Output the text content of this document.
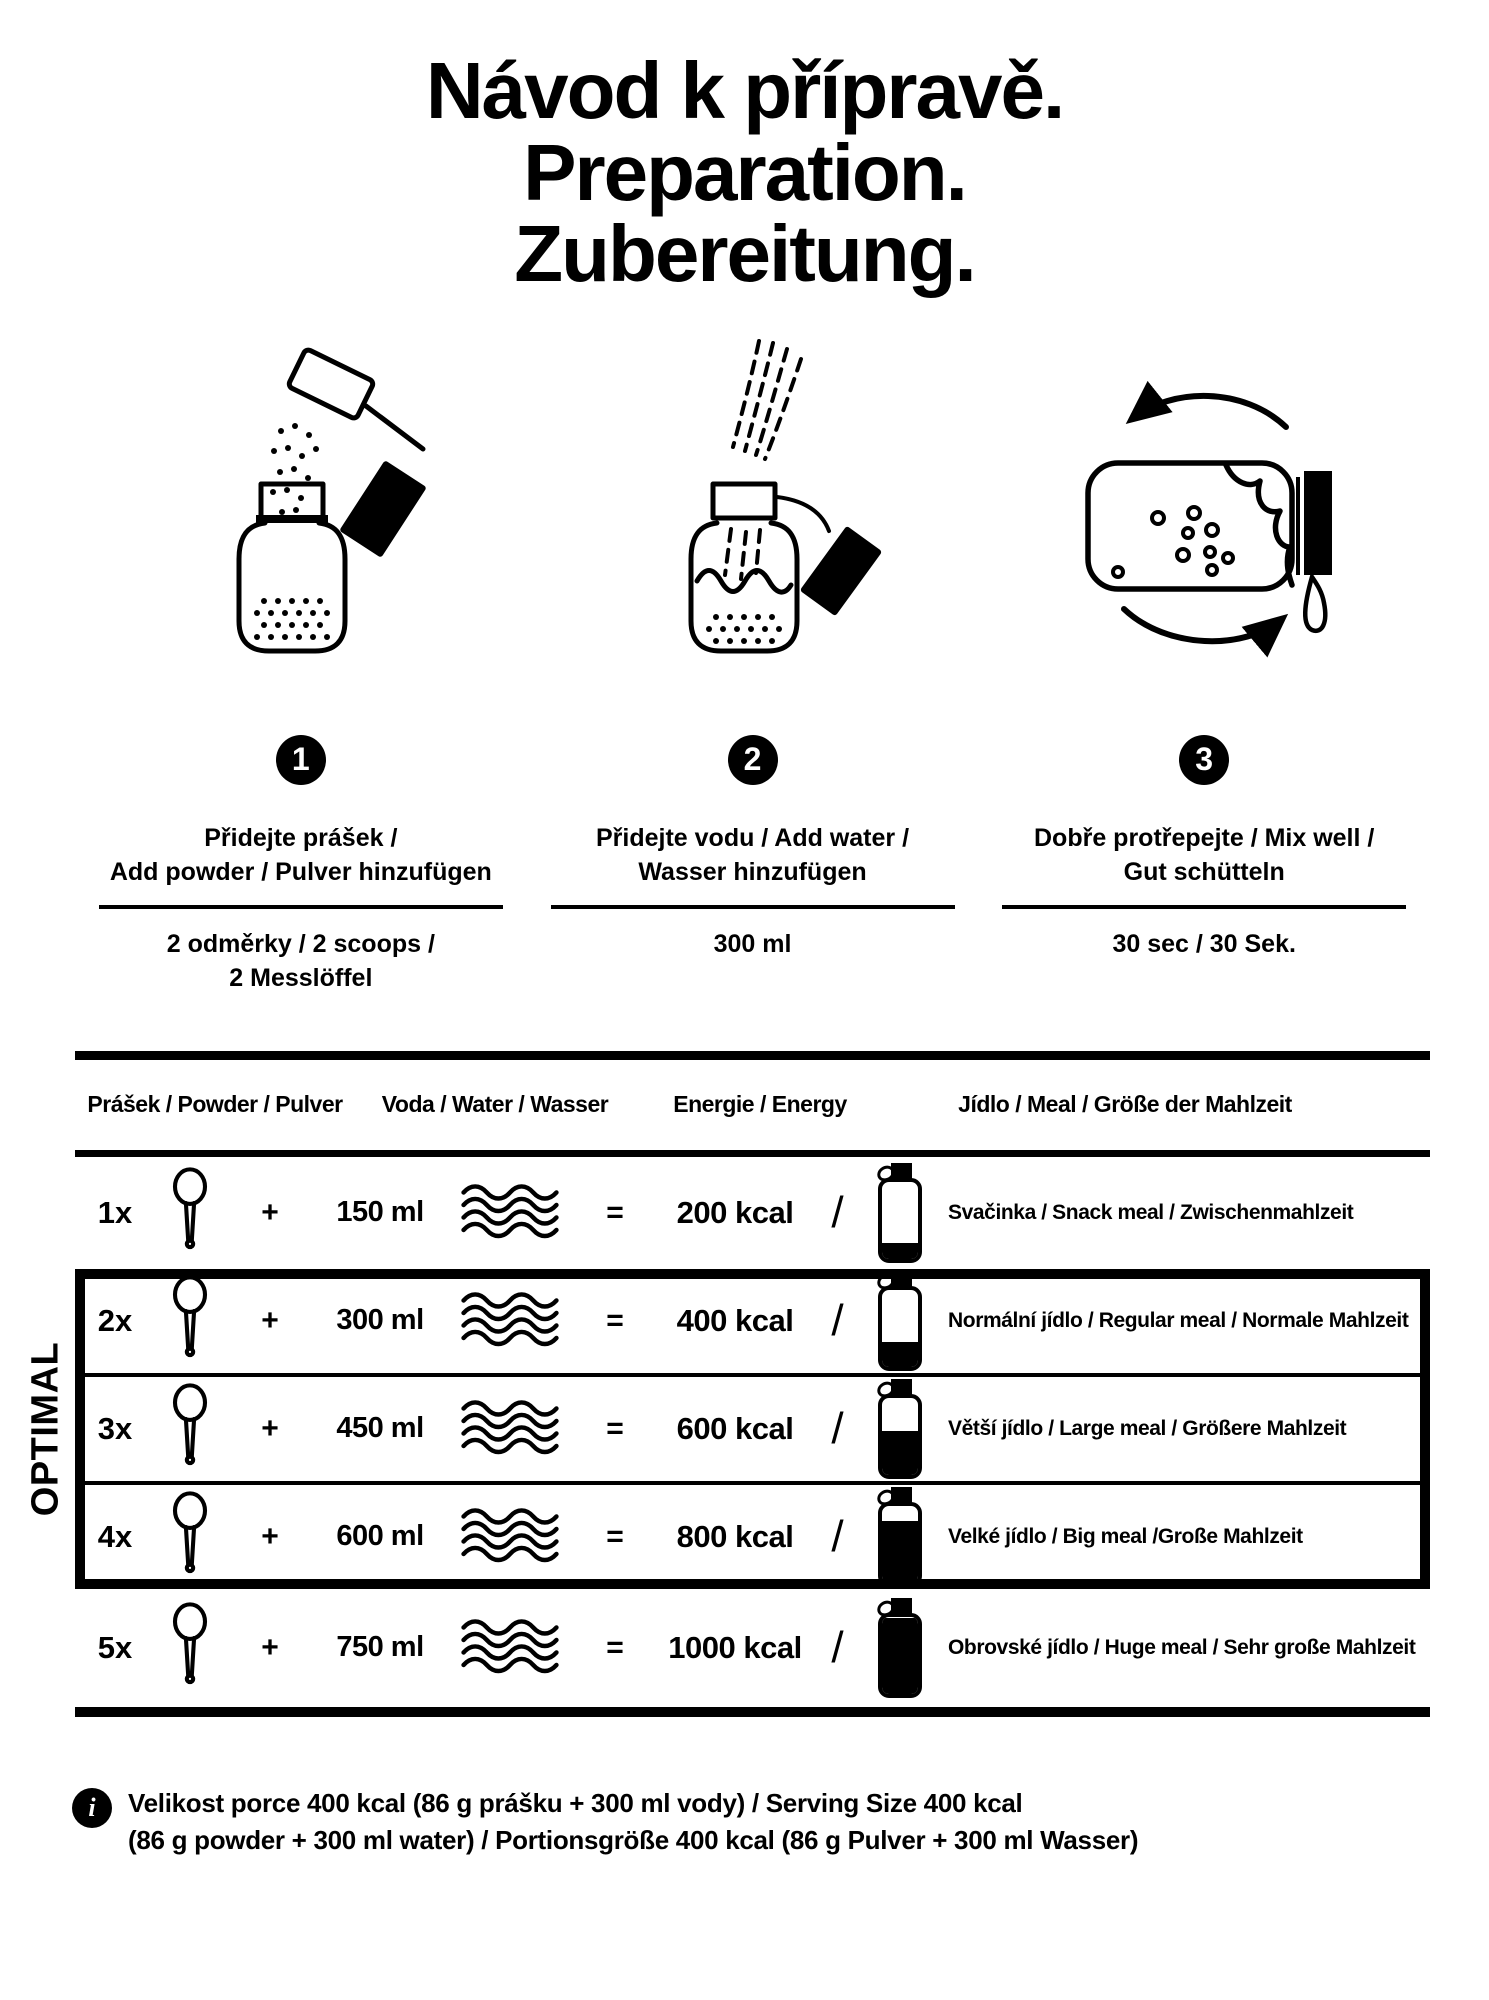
Návod k přípravě.
Preparation.
Zubereitung.
1
Přidejte prášek /
Add powder / Pulver hinzufügen
2 odměrky / 2 scoops /
2 Messlöffel
2
Přidejte vodu / Add water /
Wasser hinzufügen
300 ml
3
Dobře protřepejte / Mix well /
Gut schütteln
30 sec / 30 Sek.
Prášek / Powder / Pulver	Voda / Water / Wasser	Energie / Energy	Jídlo / Meal / Größe der Mahlzeit
1x	+ 150 ml	= 200 kcal /	Svačinka / Snack meal / Zwischenmahlzeit
OPTIMAL
2x	+ 300 ml	= 400 kcal /	Normální jídlo / Regular meal / Normale Mahlzeit
3x	+ 450 ml	= 600 kcal /	Větší jídlo / Large meal / Größere Mahlzeit
4x	+ 600 ml	= 800 kcal /	Velké jídlo / Big meal /Große Mahlzeit
5x	+ 750 ml	= 1000 kcal /	Obrovské jídlo / Huge meal / Sehr große Mahlzeit
i Velikost porce 400 kcal (86 g prášku + 300 ml vody) / Serving Size 400 kcal
(86 g powder + 300 ml water) / Portionsgröße 400 kcal (86 g Pulver + 300 ml Wasser)
